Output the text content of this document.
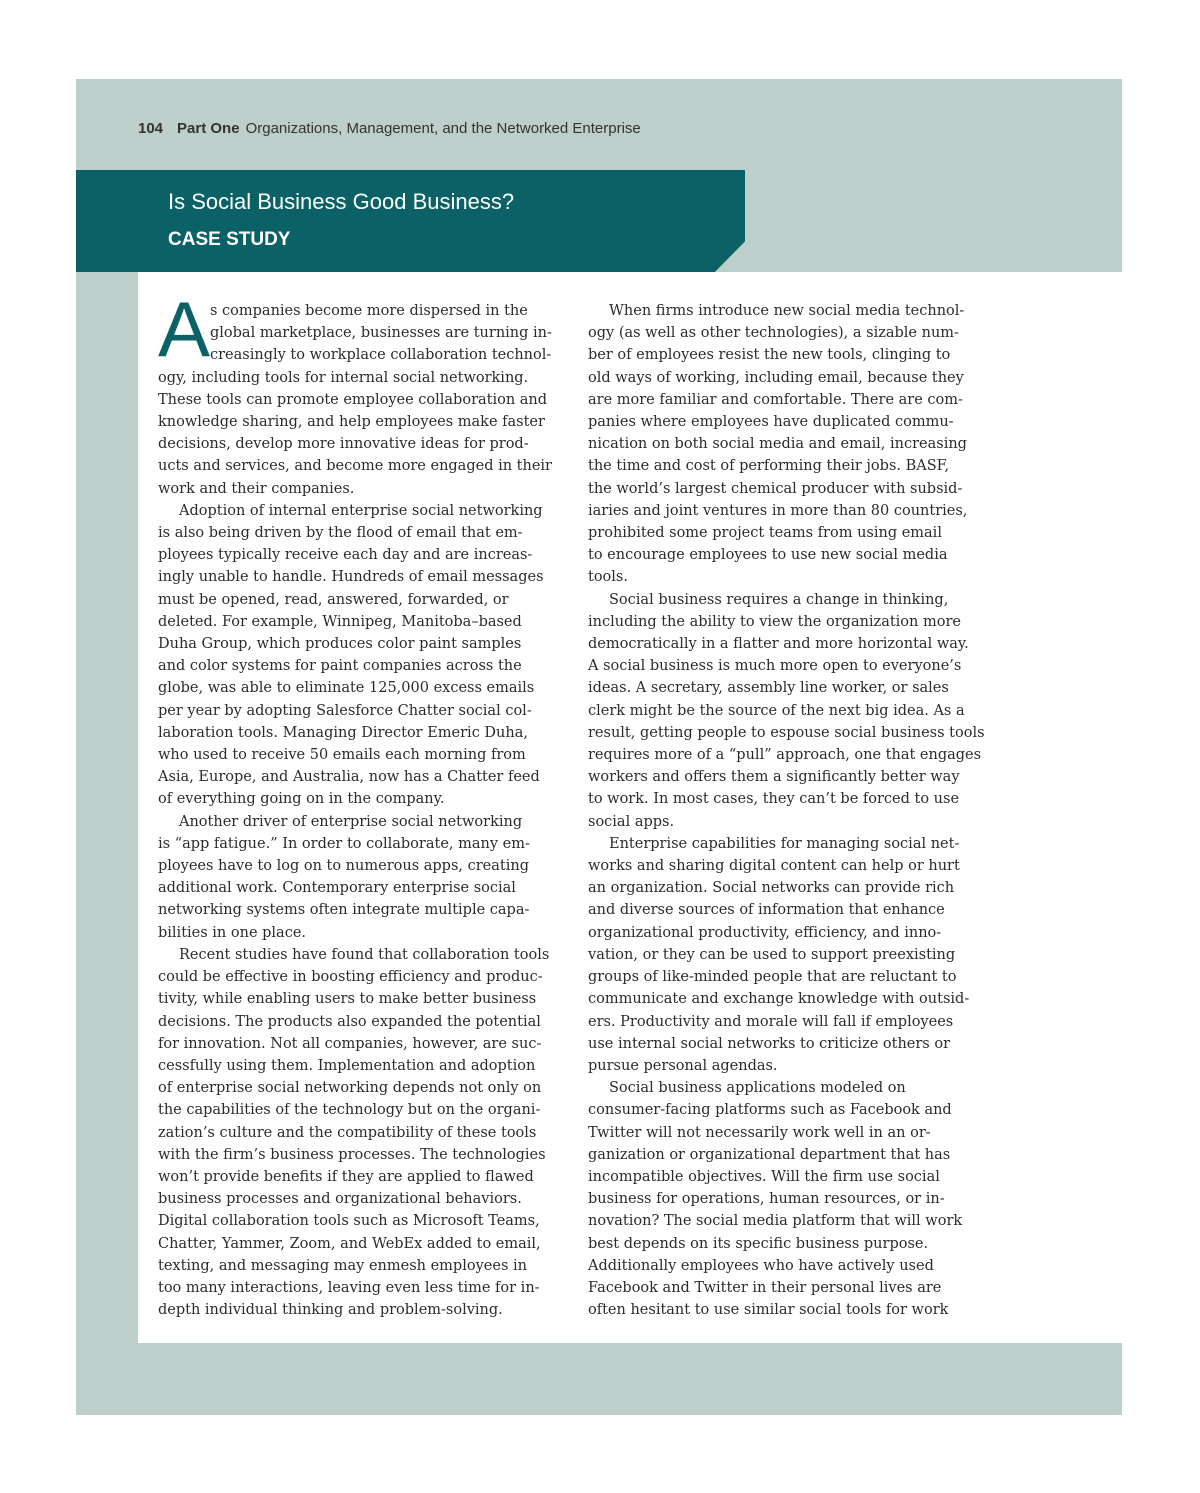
104 Part One Organizations, Management, and the Networked Enterprise
Is Social Business Good Business?
CASE STUDY
A s companies become more dispersed in the
global marketplace, businesses are turning in-
creasingly to workplace collaboration technol-
ogy, including tools for internal social networking.
These tools can promote employee collaboration and
knowledge sharing, and help employees make faster
decisions, develop more innovative ideas for prod-
ucts and services, and become more engaged in their
work and their companies.
Adoption of internal enterprise social networking
is also being driven by the flood of email that em-
ployees typically receive each day and are increas-
ingly unable to handle. Hundreds of email messages
must be opened, read, answered, forwarded, or
deleted. For example, Winnipeg, Manitoba–based
Duha Group, which produces color paint samples
and color systems for paint companies across the
globe, was able to eliminate 125,000 excess emails
per year by adopting Salesforce Chatter social col-
laboration tools. Managing Director Emeric Duha,
who used to receive 50 emails each morning from
Asia, Europe, and Australia, now has a Chatter feed
of everything going on in the company.
Another driver of enterprise social networking
is “app fatigue.” In order to collaborate, many em-
ployees have to log on to numerous apps, creating
additional work. Contemporary enterprise social
networking systems often integrate multiple capa-
bilities in one place.
Recent studies have found that collaboration tools
could be effective in boosting efficiency and produc-
tivity, while enabling users to make better business
decisions. The products also expanded the potential
for innovation. Not all companies, however, are suc-
cessfully using them. Implementation and adoption
of enterprise social networking depends not only on
the capabilities of the technology but on the organi-
zation’s culture and the compatibility of these tools
with the firm’s business processes. The technologies
won’t provide benefits if they are applied to flawed
business processes and organizational behaviors.
Digital collaboration tools such as Microsoft Teams,
Chatter, Yammer, Zoom, and WebEx added to email,
texting, and messaging may enmesh employees in
too many interactions, leaving even less time for in-
depth individual thinking and problem-solving.
When firms introduce new social media technol-
ogy (as well as other technologies), a sizable num-
ber of employees resist the new tools, clinging to
old ways of working, including email, because they
are more familiar and comfortable. There are com-
panies where employees have duplicated commu-
nication on both social media and email, increasing
the time and cost of performing their jobs. BASF,
the world’s largest chemical producer with subsid-
iaries and joint ventures in more than 80 countries,
prohibited some project teams from using email
to encourage employees to use new social media
tools.
Social business requires a change in thinking,
including the ability to view the organization more
democratically in a flatter and more horizontal way.
A social business is much more open to everyone’s
ideas. A secretary, assembly line worker, or sales
clerk might be the source of the next big idea. As a
result, getting people to espouse social business tools
requires more of a “pull” approach, one that engages
workers and offers them a significantly better way
to work. In most cases, they can’t be forced to use
social apps.
Enterprise capabilities for managing social net-
works and sharing digital content can help or hurt
an organization. Social networks can provide rich
and diverse sources of information that enhance
organizational productivity, efficiency, and inno-
vation, or they can be used to support preexisting
groups of like-minded people that are reluctant to
communicate and exchange knowledge with outsid-
ers. Productivity and morale will fall if employees
use internal social networks to criticize others or
pursue personal agendas.
Social business applications modeled on
consumer-facing platforms such as Facebook and
Twitter will not necessarily work well in an or-
ganization or organizational department that has
incompatible objectives. Will the firm use social
business for operations, human resources, or in-
novation? The social media platform that will work
best depends on its specific business purpose.
Additionally employees who have actively used
Facebook and Twitter in their personal lives are
often hesitant to use similar social tools for work
